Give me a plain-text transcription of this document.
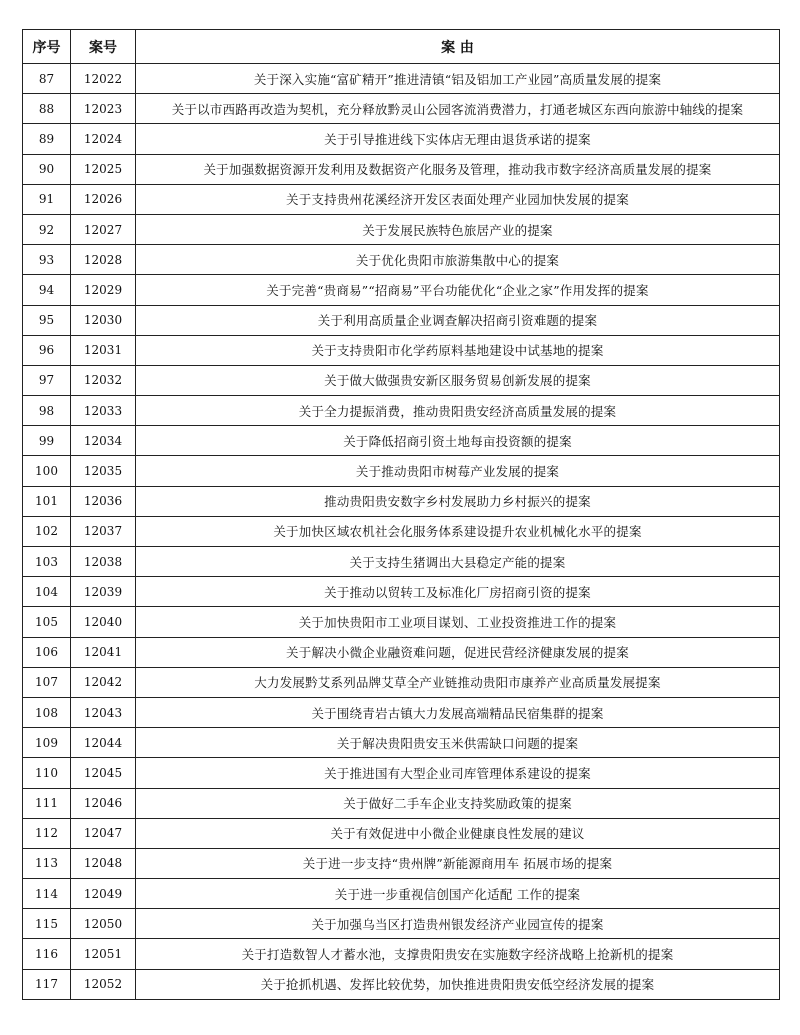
序号	案号	案 由
87	12022	关于深入实施“富矿精开”推进清镇“铝及铝加工产业园”高质量发展的提案
88	12023	关于以市西路再改造为契机，充分释放黔灵山公园客流消费潜力，打通老城区东西向旅游中轴线的提案
89	12024	关于引导推进线下实体店无理由退货承诺的提案
90	12025	关于加强数据资源开发利用及数据资产化服务及管理，推动我市数字经济高质量发展的提案
91	12026	关于支持贵州花溪经济开发区表面处理产业园加快发展的提案
92	12027	关于发展民族特色旅居产业的提案
93	12028	关于优化贵阳市旅游集散中心的提案
94	12029	关于完善“贵商易”“招商易”平台功能优化“企业之家”作用发挥的提案
95	12030	关于利用高质量企业调查解决招商引资难题的提案
96	12031	关于支持贵阳市化学药原料基地建设中试基地的提案
97	12032	关于做大做强贵安新区服务贸易创新发展的提案
98	12033	关于全力提振消费，推动贵阳贵安经济高质量发展的提案
99	12034	关于降低招商引资土地每亩投资额的提案
100	12035	关于推动贵阳市树莓产业发展的提案
101	12036	推动贵阳贵安数字乡村发展助力乡村振兴的提案
102	12037	关于加快区域农机社会化服务体系建设提升农业机械化水平的提案
103	12038	关于支持生猪调出大县稳定产能的提案
104	12039	关于推动以贸转工及标准化厂房招商引资的提案
105	12040	关于加快贵阳市工业项目谋划、工业投资推进工作的提案
106	12041	关于解决小微企业融资难问题，促进民营经济健康发展的提案
107	12042	大力发展黔艾系列品牌艾草全产业链推动贵阳市康养产业高质量发展提案
108	12043	关于围绕青岩古镇大力发展高端精品民宿集群的提案
109	12044	关于解决贵阳贵安玉米供需缺口问题的提案
110	12045	关于推进国有大型企业司库管理体系建设的提案
111	12046	关于做好二手车企业支持奖励政策的提案
112	12047	关于有效促进中小微企业健康良性发展的建议
113	12048	关于进一步支持“贵州牌”新能源商用车 拓展市场的提案
114	12049	关于进一步重视信创国产化适配 工作的提案
115	12050	关于加强乌当区打造贵州银发经济产业园宣传的提案
116	12051	关于打造数智人才蓄水池，支撑贵阳贵安在实施数字经济战略上抢新机的提案
117	12052	关于抢抓机遇、发挥比较优势，加快推进贵阳贵安低空经济发展的提案
